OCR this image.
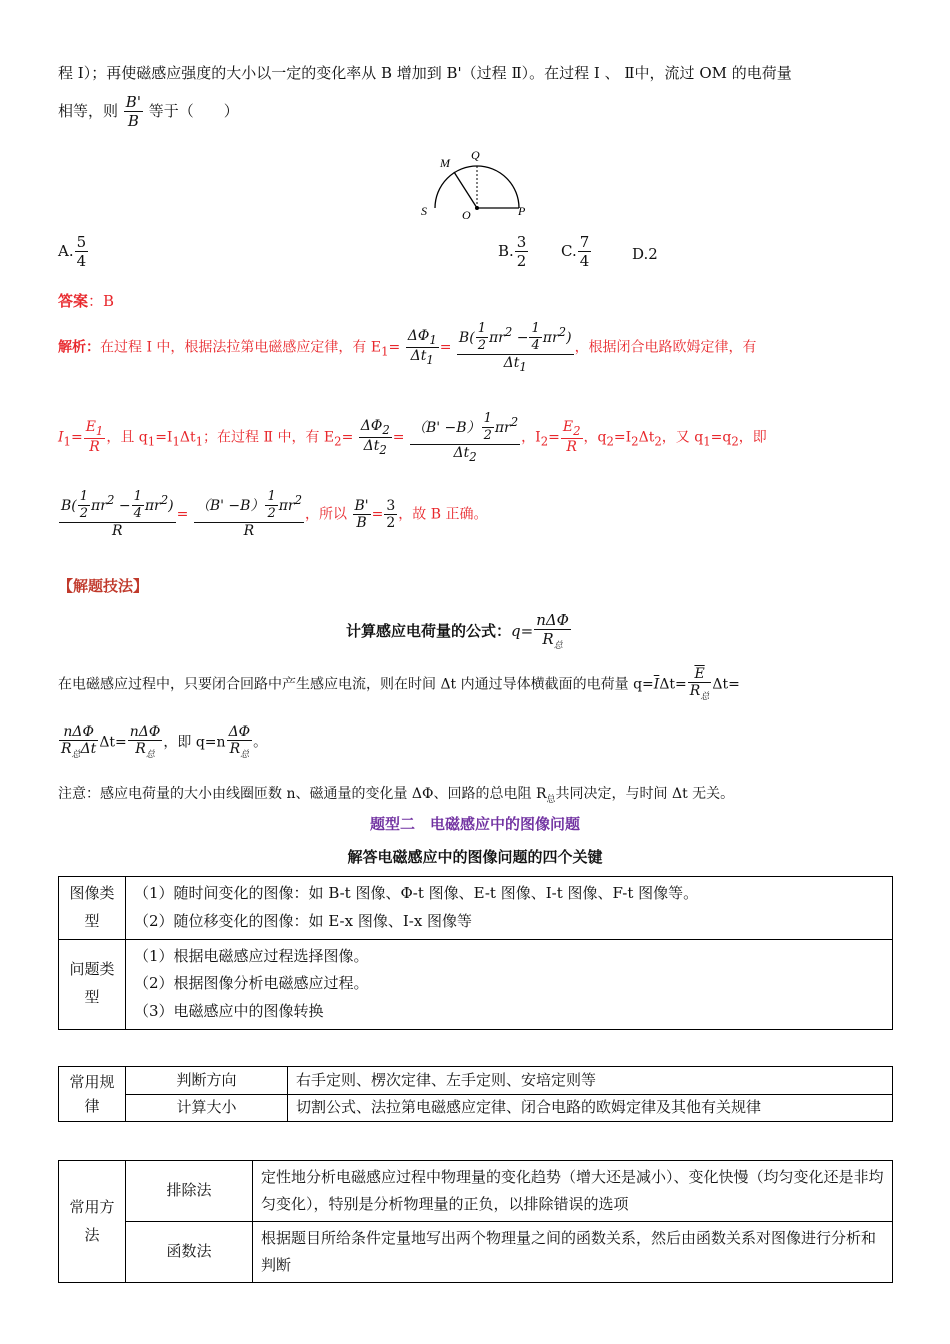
程 Ⅰ）；再使磁感应强度的大小以一定的变化率从 B 增加到 B'（过程 Ⅱ）。在过程 Ⅰ 、 Ⅱ中，流过 OM 的电荷量
相等，则 $\frac{B'}{B}$ 等于（　　）
M
Q
S	O	P
A. $\frac{5}{4}$	B. $\frac{3}{2} C$. $\frac{7}{4}$	D.2
答案：B
解析：在过程 Ⅰ 中，根据法拉第电磁感应定律，有 $E_1= \frac{\Delta\Phi_1}{\Delta t_1} = \frac{B( \frac{1}{2} \pi r^2 - \frac{1}{4} \pi r^2)}{\Delta t_1}$ ，根据闭合电路欧姆定律，有
$I_1= \frac{E_1}{R}$ ，且 $q_1=I_1\Delta t_1$；在过程 Ⅱ 中，有 $E_2= \frac{\Delta\Phi_2}{\Delta t_2} = \frac{(B' -B) \frac{1}{2} \pi r^2}{\Delta t_2}$ ，$I_2= \frac{E_2}{R}$ ，$q_2=I_2\Delta t_2$，又 $q_1=q_2$，即
$\frac{B( \frac{1}{2} \pi r^2 - \frac{1}{4} \pi r^2)}{R} = \frac{(B' -B) \frac{1}{2} \pi r^2}{R}$ ，所以 $\frac{B'}{B} = \frac{3}{2}$ ，故 B 正确。
【解题技法】
计算感应电荷量的公式：$q= \frac{\text{nΔΦ}}{R_总}$
在电磁感应过程中，只要闭合回路中产生感应电流，则在时间 Δt 内通过导体横截面的电荷量 $q=\overline{I}\Delta t= \frac{\overline{E}}{R_总} \Delta t=$
$\frac{\text{nΔΦ}}{R_总\Delta t} \Delta t= \frac{\text{nΔΦ}}{R_总}$ ，即 $q=n \frac{\Delta\Phi}{R_总}$ 。
注意：感应电荷量的大小由线圈匝数 n、磁通量的变化量 ΔΦ、回路的总电阻 $R_总$共同决定，与时间 Δt 无关。
题型二　电磁感应中的图像问题
解答电磁感应中的图像问题的四个关键
图像类型	（1）随时间变化的图像：如 B-t 图像、Φ-t 图像、E-t 图像、I-t 图像、F-t 图像等。
（2）随位移变化的图像：如 E-x 图像、I-x 图像等

问题类型	（1）根据电磁感应过程选择图像。
（2）根据图像分析电磁感应过程。
（3）电磁感应中的图像转换
常用规律	判断方向	右手定则、楞次定律、左手定则、安培定则等
	计算大小	切割公式、法拉第电磁感应定律、闭合电路的欧姆定律及其他有关规律
常用方法	排除法	定性地分析电磁感应过程中物理量的变化趋势（增大还是减小）、变化快慢（均匀变化还是非均匀变化），特别是分析物理量的正负，以排除错误的选项
	函数法	根据题目所给条件定量地写出两个物理量之间的函数关系，然后由函数关系对图像进行分析和判断
